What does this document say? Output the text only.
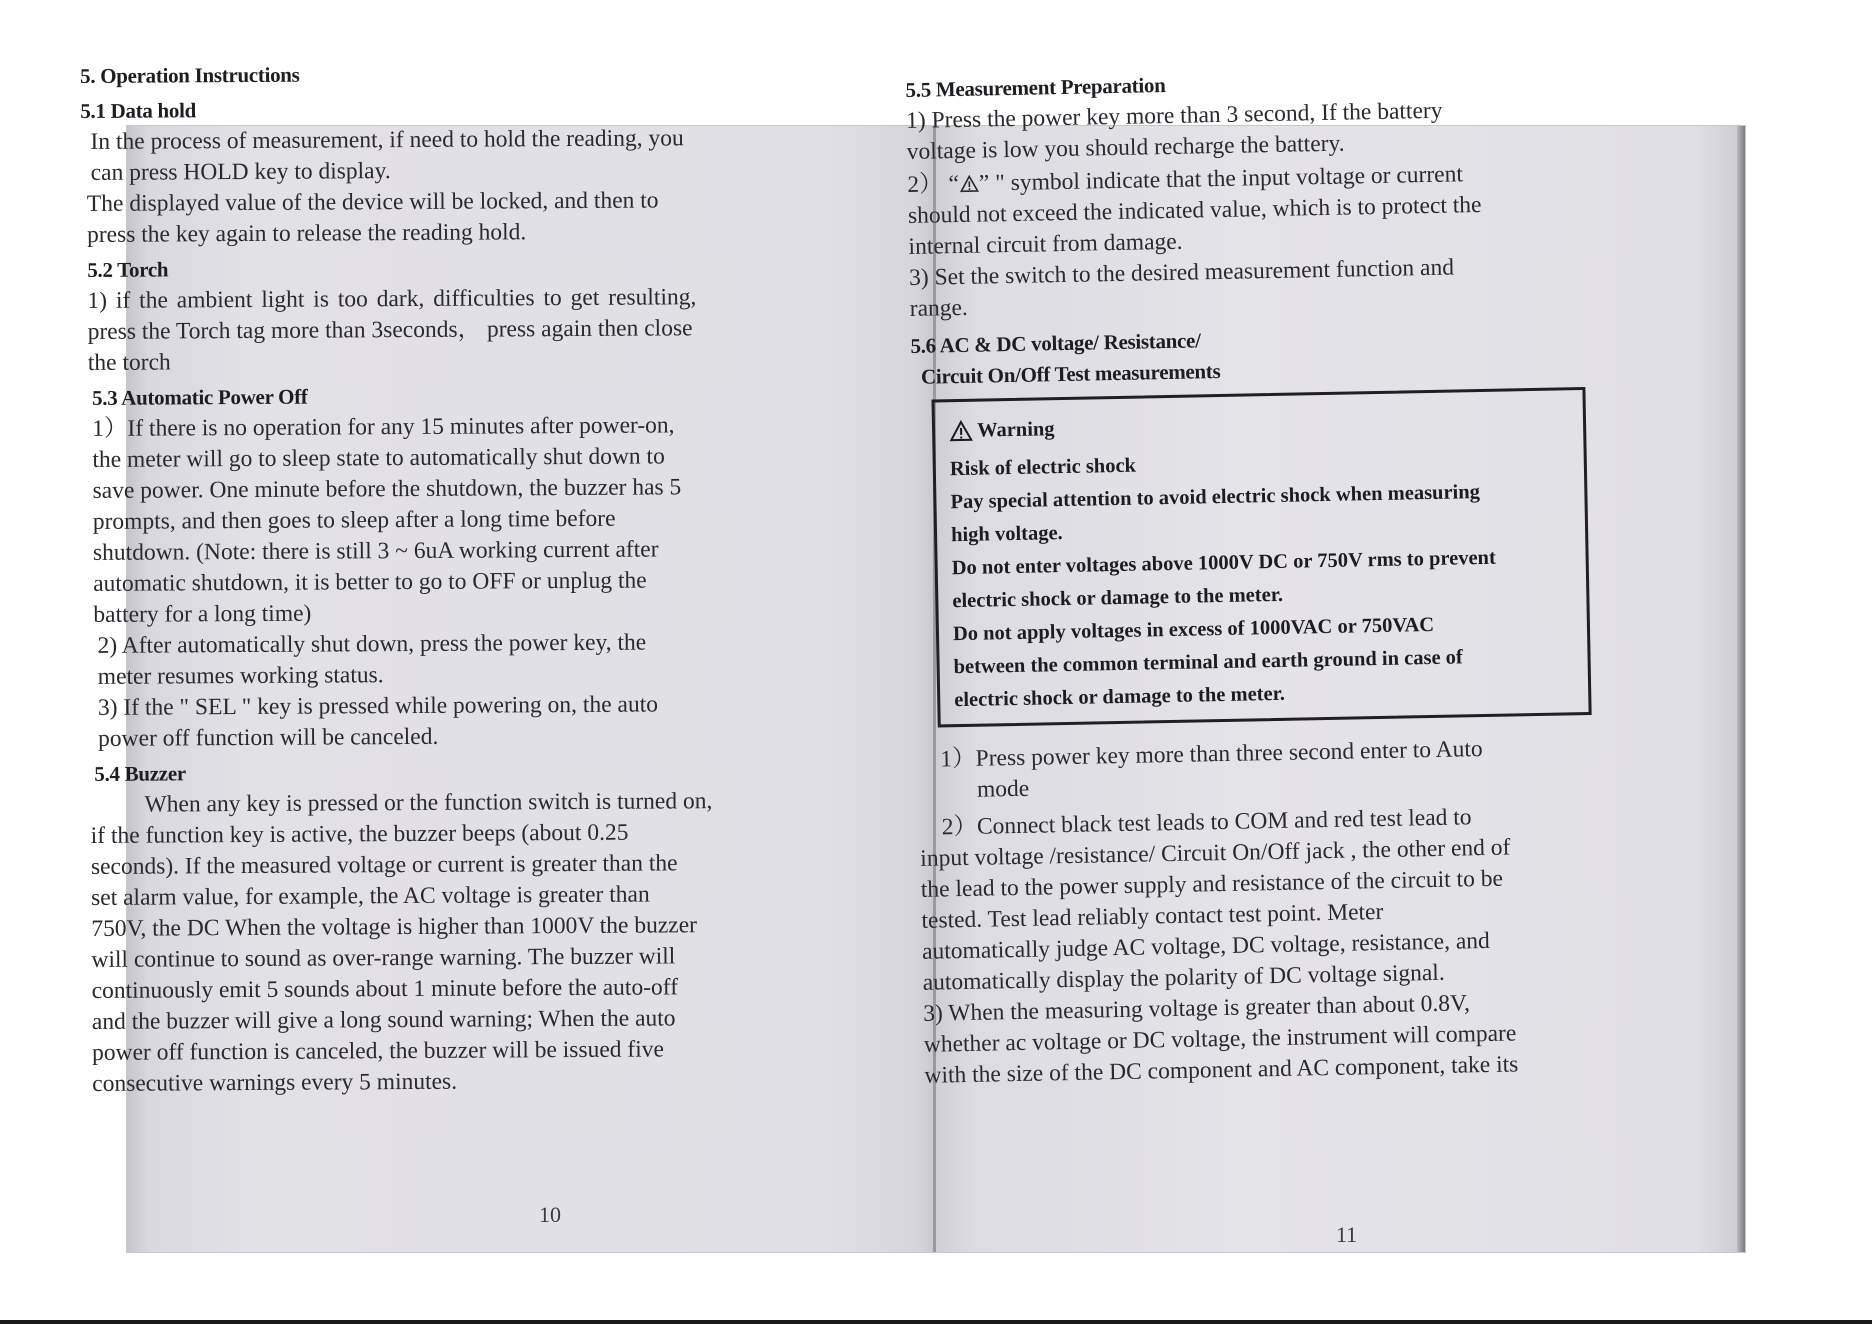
5. Operation Instructions
5.1 Data hold

In the process of measurement, if need to hold the reading, you

can press HOLD key to display.

The displayed value of the device will be locked, and then to

press the key again to release the reading hold.

5.2 Torch

1) if the ambient light is too dark, difficulties to get resulting,

press the Torch tag more than 3seconds， press again then close

the torch

5.3 Automatic Power Off

1）If there is no operation for any 15 minutes after power-on,

the meter will go to sleep state to automatically shut down to

save power. One minute before the shutdown, the buzzer has 5

prompts, and then goes to sleep after a long time before

shutdown. (Note: there is still 3 ~ 6uA working current after

automatic shutdown, it is better to go to OFF or unplug the

battery for a long time)

2) After automatically shut down, press the power key, the

meter resumes working status.

3) If the " SEL " key is pressed while powering on, the auto

power off function will be canceled.

5.4 Buzzer

When any key is pressed or the function switch is turned on,

if the function key is active, the buzzer beeps (about 0.25

seconds). If the measured voltage or current is greater than the

set alarm value, for example, the AC voltage is greater than

750V, the DC When the voltage is higher than 1000V the buzzer

will continue to sound as over-range warning. The buzzer will

continuously emit 5 sounds about 1 minute before the auto-off

and the buzzer will give a long sound warning; When the auto

power off function is canceled, the buzzer will be issued five

consecutive warnings every 5 minutes.

10
5.5 Measurement Preparation

1) Press the power key more than 3 second, If the battery

voltage is low you should recharge the battery.

2） “ ” " symbol indicate that the input voltage or current

should not exceed the indicated value, which is to protect the

internal circuit from damage.

3) Set the switch to the desired measurement function and

range.

5.6 AC & DC voltage/ Resistance/
Circuit On/Off Test measurements
Warning

Risk of electric shock

Pay special attention to avoid electric shock when measuring

high voltage.

Do not enter voltages above 1000V DC or 750V rms to prevent

electric shock or damage to the meter.

Do not apply voltages in excess of 1000VAC or 750VAC

between the common terminal and earth ground in case of

electric shock or damage to the meter.

1）Press power key more than three second enter to Auto

mode

2）Connect black test leads to COM and red test lead to

input voltage /resistance/ Circuit On/Off jack , the other end of

the lead to the power supply and resistance of the circuit to be

tested. Test lead reliably contact test point. Meter

automatically judge AC voltage, DC voltage, resistance, and

automatically display the polarity of DC voltage signal.

3) When the measuring voltage is greater than about 0.8V,

whether ac voltage or DC voltage, the instrument will compare

with the size of the DC component and AC component, take its

11
